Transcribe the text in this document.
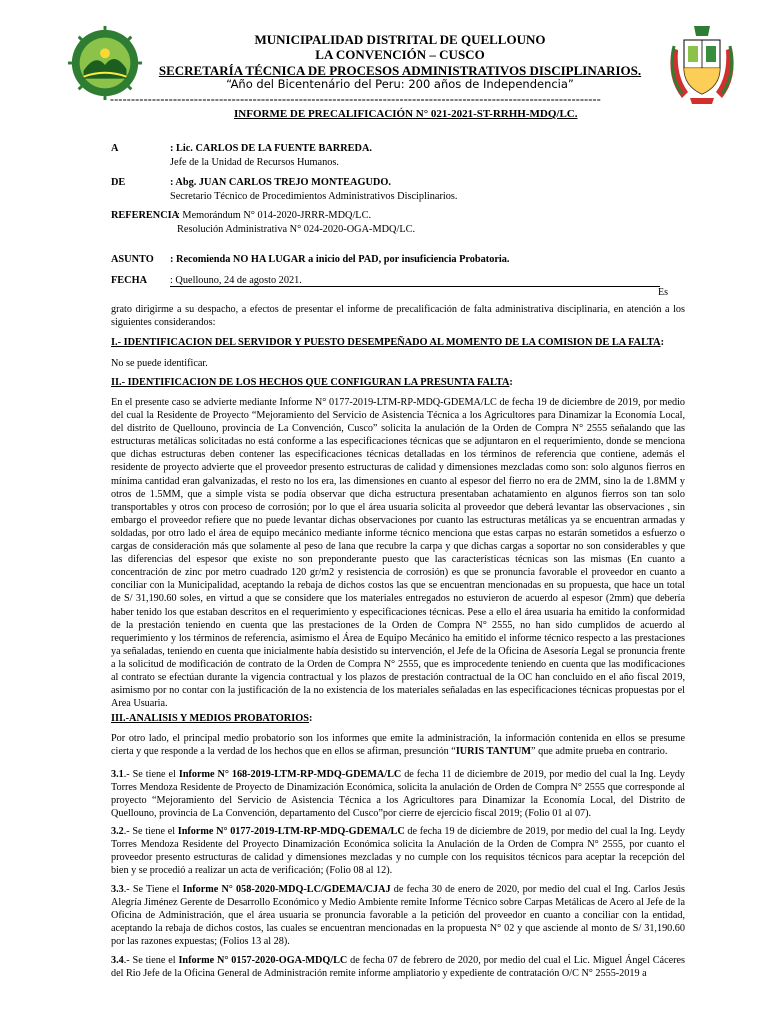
MUNICIPALIDAD DISTRITAL DE QUELLOUNO
LA CONVENCIÓN – CUSCO
SECRETARÍA TÉCNICA DE PROCESOS ADMINISTRATIVOS DISCIPLINARIOS.
“Año del Bicentenário del Peru: 200 años de Independencia”
---------------------------------------------------------------------------------------------------------------------
INFORME DE PRECALIFICACIÓN N° 021-2021-ST-RRHH-MDQ/LC.
A	: Lic. CARLOS DE LA FUENTE BARREDA.
Jefe de la Unidad de Recursos Humanos.
DE	: Abg. JUAN CARLOS TREJO MONTEAGUDO.
Secretario Técnico de Procedimientos Administrativos Disciplinarios.
REFERENCIA
: Memorándum N° 014-2020-JRRR-MDQ/LC.
Resolución Administrativa N° 024-2020-OGA-MDQ/LC.
ASUNTO : Recomienda NO HA LUGAR a inicio del PAD, por insuficiencia Probatoria.
FECHA : Quellouno, 24 de agosto 2021.
Es

grato dirigirme a su despacho, a efectos de presentar el informe de precalificación de falta administrativa disciplinaria, en atención a los siguientes considerandos:

I.- IDENTIFICACION DEL SERVIDOR Y PUESTO DESEMPEÑADO AL MOMENTO DE LA COMISION DE LA FALTA:

No se puede identificar.

II.- IDENTIFICACION DE LOS HECHOS QUE CONFIGURAN LA PRESUNTA FALTA:

En el presente caso se advierte mediante Informe N° 0177-2019-LTM-RP-MDQ-GDEMA/LC de fecha 19 de diciembre de 2019, por medio del cual la Residente de Proyecto “Mejoramiento del Servicio de Asistencia Técnica a los Agricultores para Dinamizar la Economía Local, del distrito de Quellouno, provincia de La Convención, Cusco” solicita la anulación de la Orden de Compra N° 2555 señalando que las estructuras metálicas solicitadas no está conforme a las especificaciones técnicas que se adjuntaron en el requerimiento, donde se menciona que dichas estructuras deben contener las especificaciones técnicas detalladas en los términos de referencia que contiene, además el residente de proyecto advierte que el proveedor presento estructuras de calidad y dimensiones mezcladas como son: solo algunos fierros en mínima cantidad eran galvanizadas, el resto no los era, las dimensiones en cuanto al espesor del fierro no era de 2MM, sino la de 1.8MM y otros de 1.5MM, que a simple vista se podía observar que dicha estructura presentaban achatamiento en algunos fierros son tan solo transportables y otros con proceso de corrosión; por lo que el área usuaria solicita al proveedor que deberá levantar las observaciones , sin embargo el proveedor refiere que no puede levantar dichas observaciones por cuanto las estructuras metálicas ya se encuentran armadas y soldadas, por otro lado el área de equipo mecánico mediante informe técnico menciona que estas carpas no estarán sometidos a esfuerzo o cargas de consideración más que solamente al peso de lana que recubre la carpa y que dichas cargas a soportar no son considerables y que las diferencias del espesor que existe no son preponderante puesto que las características técnicas son las mismas (En cuanto a concentración de zinc por metro cuadrado 120 gr/m2 y resistencia de corrosión) es que se pronuncia favorable el proveedor en cuanto a conciliar con la Municipalidad, aceptando la rebaja de dichos costos las que se encuentran mencionadas en su propuesta, que hace un total de S/ 31,190.60 soles, en virtud a que se considere que los materiales entregados no estuvieron de acuerdo al espesor (2mm) que debería haber tenido los que estaban descritos en el requerimiento y especificaciones técnicas. Pese a ello el área usuaria ha emitido la conformidad de la prestación teniendo en cuenta que las prestaciones de la Orden de Compra N° 2555, no han sido cumplidos de acuerdo al requerimiento y los términos de referencia, asimismo el Área de Equipo Mecánico ha emitido el informe técnico respecto a las prestaciones ya señaladas, teniendo en cuenta que inicialmente había desistido su intervención, el Jefe de la Oficina de Asesoría Legal se pronuncia frente a la solicitud de modificación de contrato de la Orden de Compra N° 2555, que es improcedente teniendo en cuenta que las modificaciones al contrato se efectúan durante la vigencia contractual y los plazos de prestación contractual de la OC han concluido en el año fiscal 2019, asimismo por no contar con la justificación de la no existencia de los materiales señaladas en las especificaciones técnicas propuestas por el Area Usuaria.

III.-ANALISIS Y MEDIOS PROBATORIOS:

Por otro lado, el principal medio probatorio son los informes que emite la administración, la información contenida en ellos se presume cierta y que responde a la verdad de los hechos que en ellos se afirman, presunción “IURIS TANTUM” que admite prueba en contrario.

3.1.- Se tiene el Informe N° 168-2019-LTM-RP-MDQ-GDEMA/LC de fecha 11 de diciembre de 2019, por medio del cual la Ing. Leydy Torres Mendoza Residente de Proyecto de Dinamización Económica, solicita la anulación de Orden de Compra N° 2555 que corresponde al proyecto “Mejoramiento del Servicio de Asistencia Técnica a los Agricultores para Dinamizar la Economía Local, del Distrito de Quellouno, provincia de La Convención, departamento del Cusco”por cierre de ejercicio fiscal 2019; (Folio 01 al 07).

3.2.- Se tiene el Informe N° 0177-2019-LTM-RP-MDQ-GDEMA/LC de fecha 19 de diciembre de 2019, por medio del cual la Ing. Leydy Torres Mendoza Residente del Proyecto Dinamización Económica solicita la Anulación de la Orden de Compra N° 2555, por cuanto el proveedor presento estructuras de calidad y dimensiones mezcladas y no cumple con los requisitos técnicos para aceptar la recepción del bien y se procedió a realizar un acta de verificación; (Folio 08 al 12).

3.3.- Se Tiene el Informe N° 058-2020-MDQ-LC/GDEMA/CJAJ de fecha 30 de enero de 2020, por medio del cual el Ing. Carlos Jesús Alegría Jiménez Gerente de Desarrollo Económico y Medio Ambiente remite Informe Técnico sobre Carpas Metálicas de Acero al Jefe de la Oficina de Administración, que el área usuaria se pronuncia favorable a la petición del proveedor en cuanto a conciliar con la entidad, aceptando la rebaja de dichos costos, las cuales se encuentran mencionadas en la propuesta N° 02 y que asciende al monto de S/ 31,190.60 por las razones expuestas; (Folios 13 al 28).

3.4.- Se tiene el Informe N° 0157-2020-OGA-MDQ/LC de fecha 07 de febrero de 2020, por medio del cual el Lic. Miguel Ángel Cáceres del Rio Jefe de la Oficina General de Administración remite informe ampliatorio y expediente de contratación O/C N° 2555-2019 a
